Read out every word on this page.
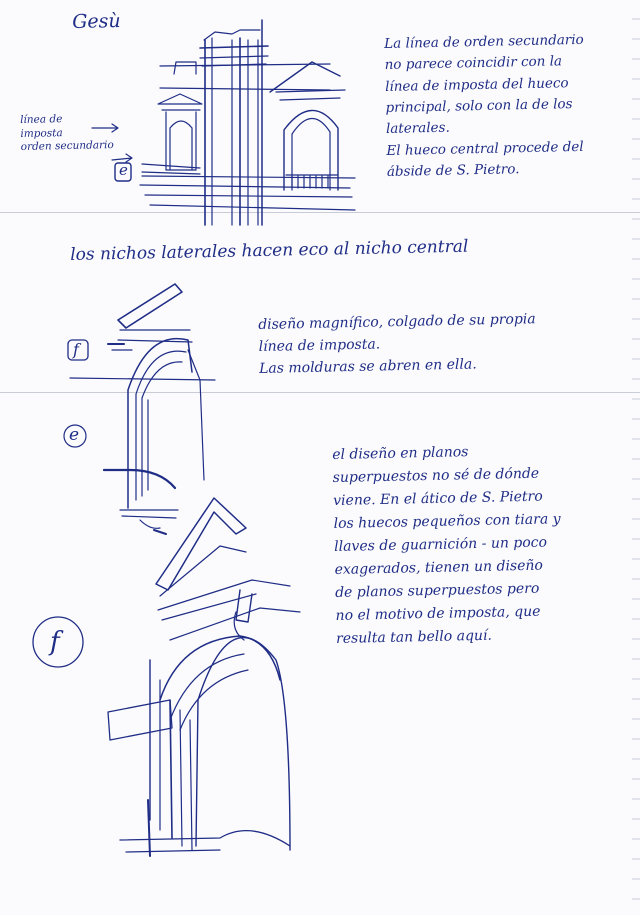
Gesù
La línea de orden secundario
no parece coincidir con la
línea de imposta del hueco
principal, solo con la de los
laterales.
El hueco central procede del
ábside de S. Pietro.
línea de
imposta
orden secundario
los nichos laterales hacen eco al nicho central
diseño magnífico, colgado de su propia
línea de imposta.
Las molduras se abren en ella.
el diseño en planos
superpuestos no sé de dónde
viene. En el ático de S. Pietro
los huecos pequeños con tiara y
llaves de guarnición - un poco
exagerados, tienen un diseño
de planos superpuestos pero
no el motivo de imposta, que
resulta tan bello aquí.
e
f
e
f
